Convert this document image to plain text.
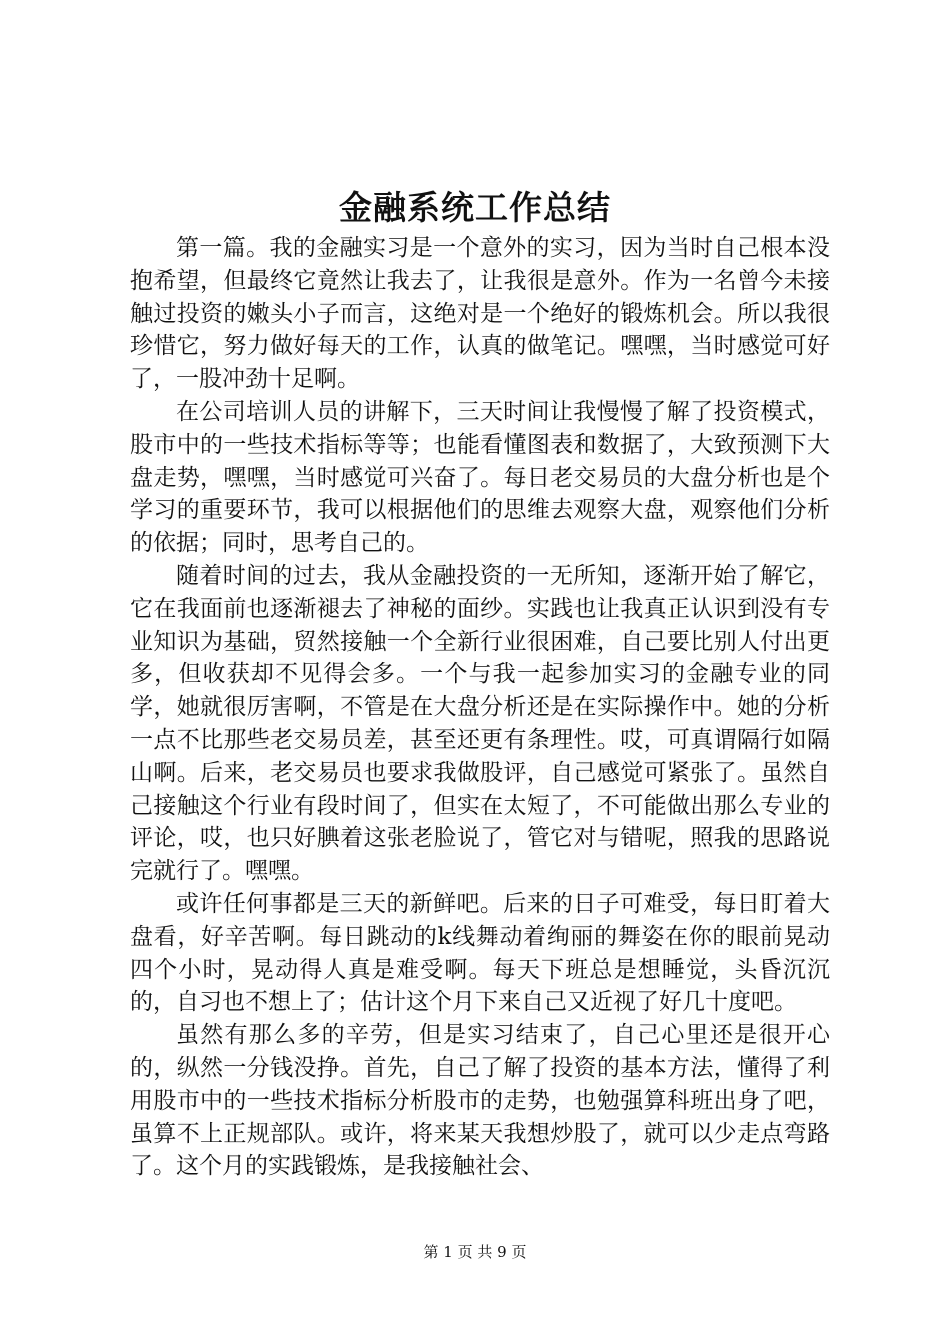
金融系统工作总结

第一篇。我的金融实习是一个意外的实习，因为当时自己根本没抱希望，但最终它竟然让我去了，让我很是意外。作为一名曾今未接触过投资的嫩头小子而言，这绝对是一个绝好的锻炼机会。所以我很珍惜它，努力做好每天的工作，认真的做笔记。嘿嘿，当时感觉可好了，一股冲劲十足啊。

在公司培训人员的讲解下，三天时间让我慢慢了解了投资模式，股市中的一些技术指标等等；也能看懂图表和数据了，大致预测下大盘走势，嘿嘿，当时感觉可兴奋了。每日老交易员的大盘分析也是个学习的重要环节，我可以根据他们的思维去观察大盘，观察他们分析的依据；同时，思考自己的。

随着时间的过去，我从金融投资的一无所知，逐渐开始了解它，它在我面前也逐渐褪去了神秘的面纱。实践也让我真正认识到没有专业知识为基础，贸然接触一个全新行业很困难，自己要比别人付出更多，但收获却不见得会多。一个与我一起参加实习的金融专业的同学，她就很厉害啊，不管是在大盘分析还是在实际操作中。她的分析一点不比那些老交易员差，甚至还更有条理性。哎，可真谓隔行如隔山啊。后来，老交易员也要求我做股评，自己感觉可紧张了。虽然自己接触这个行业有段时间了，但实在太短了，不可能做出那么专业的评论，哎，也只好腆着这张老脸说了，管它对与错呢，照我的思路说完就行了。嘿嘿。

或许任何事都是三天的新鲜吧。后来的日子可难受，每日盯着大盘看，好辛苦啊。每日跳动的k线舞动着绚丽的舞姿在你的眼前晃动四个小时，晃动得人真是难受啊。每天下班总是想睡觉，头昏沉沉的，自习也不想上了；估计这个月下来自己又近视了好几十度吧。

虽然有那么多的辛劳，但是实习结束了，自己心里还是很开心的，纵然一分钱没挣。首先，自己了解了投资的基本方法，懂得了利用股市中的一些技术指标分析股市的走势，也勉强算科班出身了吧，虽算不上正规部队。或许，将来某天我想炒股了，就可以少走点弯路了。这个月的实践锻炼，是我接触社会、

第 1 页 共 9 页
